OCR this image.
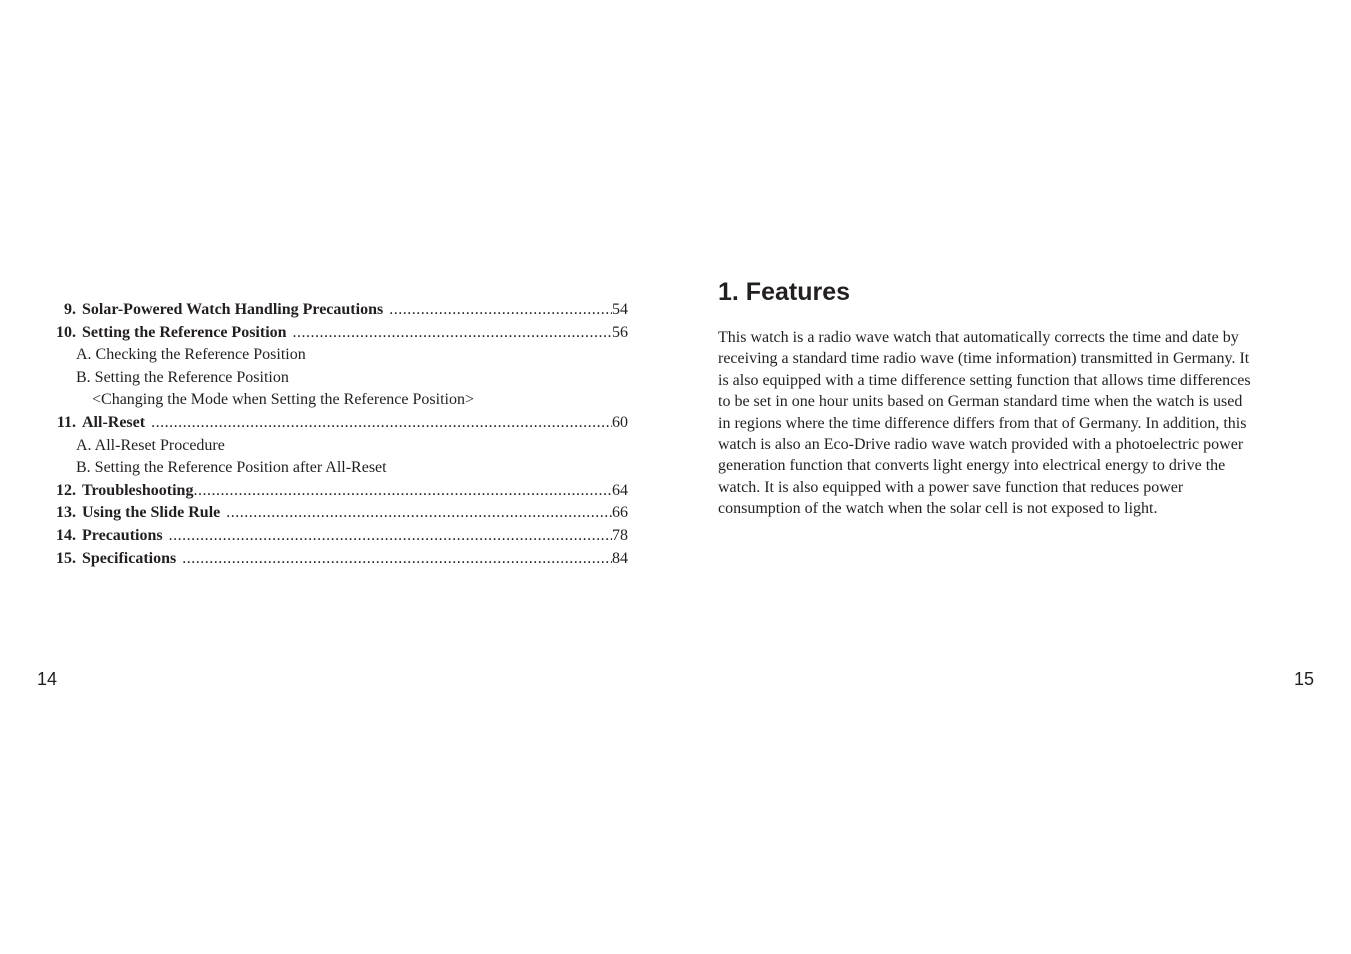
9. Solar-Powered Watch Handling Precautions .....	54
10. Setting the Reference Position .....	56
A. Checking the Reference Position
B. Setting the Reference Position
<Changing the Mode when Setting the Reference Position>
11. All-Reset .....	60
A. All-Reset Procedure
B. Setting the Reference Position after All-Reset
12. Troubleshooting .....	64
13. Using the Slide Rule .....	66
14. Precautions .....	78
15. Specifications .....	84
14
1. Features

This watch is a radio wave watch that automatically corrects the time and date by
receiving a standard time radio wave (time information) transmitted in Germany. It
is also equipped with a time difference setting function that allows time differences
to be set in one hour units based on German standard time when the watch is used
in regions where the time difference differs from that of Germany. In addition, this
watch is also an Eco-Drive radio wave watch provided with a photoelectric power
generation function that converts light energy into electrical energy to drive the
watch. It is also equipped with a power save function that reduces power
consumption of the watch when the solar cell is not exposed to light.

15
